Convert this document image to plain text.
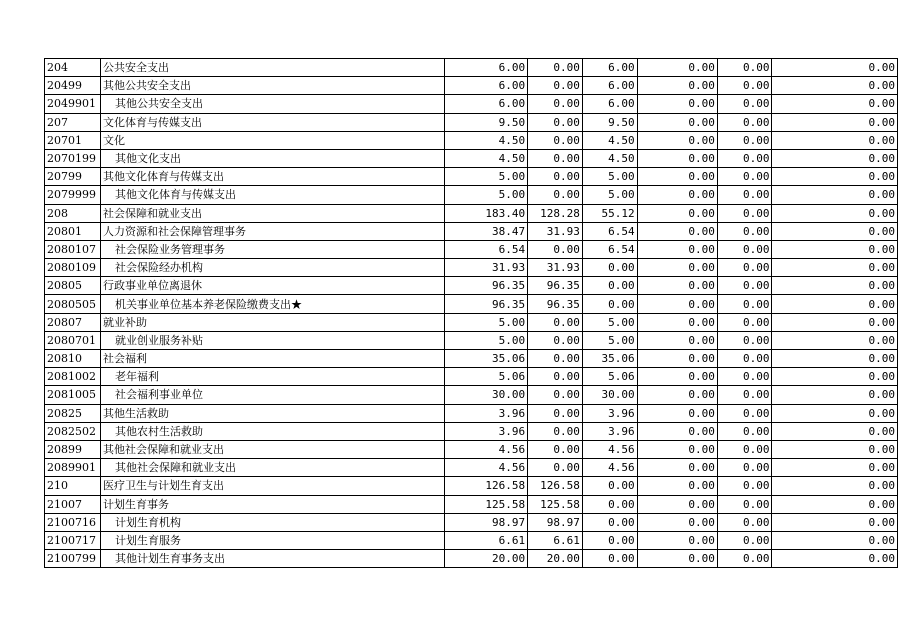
204	公共安全支出	6.00	0.00	6.00	0.00	0.00	0.00
20499	其他公共安全支出	6.00	0.00	6.00	0.00	0.00	0.00
2049901	其他公共安全支出	6.00	0.00	6.00	0.00	0.00	0.00
207	文化体育与传媒支出	9.50	0.00	9.50	0.00	0.00	0.00
20701	文化	4.50	0.00	4.50	0.00	0.00	0.00
2070199	其他文化支出	4.50	0.00	4.50	0.00	0.00	0.00
20799	其他文化体育与传媒支出	5.00	0.00	5.00	0.00	0.00	0.00
2079999	其他文化体育与传媒支出	5.00	0.00	5.00	0.00	0.00	0.00
208	社会保障和就业支出	183.40	128.28	55.12	0.00	0.00	0.00
20801	人力资源和社会保障管理事务	38.47	31.93	6.54	0.00	0.00	0.00
2080107	社会保险业务管理事务	6.54	0.00	6.54	0.00	0.00	0.00
2080109	社会保险经办机构	31.93	31.93	0.00	0.00	0.00	0.00
20805	行政事业单位离退休	96.35	96.35	0.00	0.00	0.00	0.00
2080505	机关事业单位基本养老保险缴费支出★	96.35	96.35	0.00	0.00	0.00	0.00
20807	就业补助	5.00	0.00	5.00	0.00	0.00	0.00
2080701	就业创业服务补贴	5.00	0.00	5.00	0.00	0.00	0.00
20810	社会福利	35.06	0.00	35.06	0.00	0.00	0.00
2081002	老年福利	5.06	0.00	5.06	0.00	0.00	0.00
2081005	社会福利事业单位	30.00	0.00	30.00	0.00	0.00	0.00
20825	其他生活救助	3.96	0.00	3.96	0.00	0.00	0.00
2082502	其他农村生活救助	3.96	0.00	3.96	0.00	0.00	0.00
20899	其他社会保障和就业支出	4.56	0.00	4.56	0.00	0.00	0.00
2089901	其他社会保障和就业支出	4.56	0.00	4.56	0.00	0.00	0.00
210	医疗卫生与计划生育支出	126.58	126.58	0.00	0.00	0.00	0.00
21007	计划生育事务	125.58	125.58	0.00	0.00	0.00	0.00
2100716	计划生育机构	98.97	98.97	0.00	0.00	0.00	0.00
2100717	计划生育服务	6.61	6.61	0.00	0.00	0.00	0.00
2100799	其他计划生育事务支出	20.00	20.00	0.00	0.00	0.00	0.00
